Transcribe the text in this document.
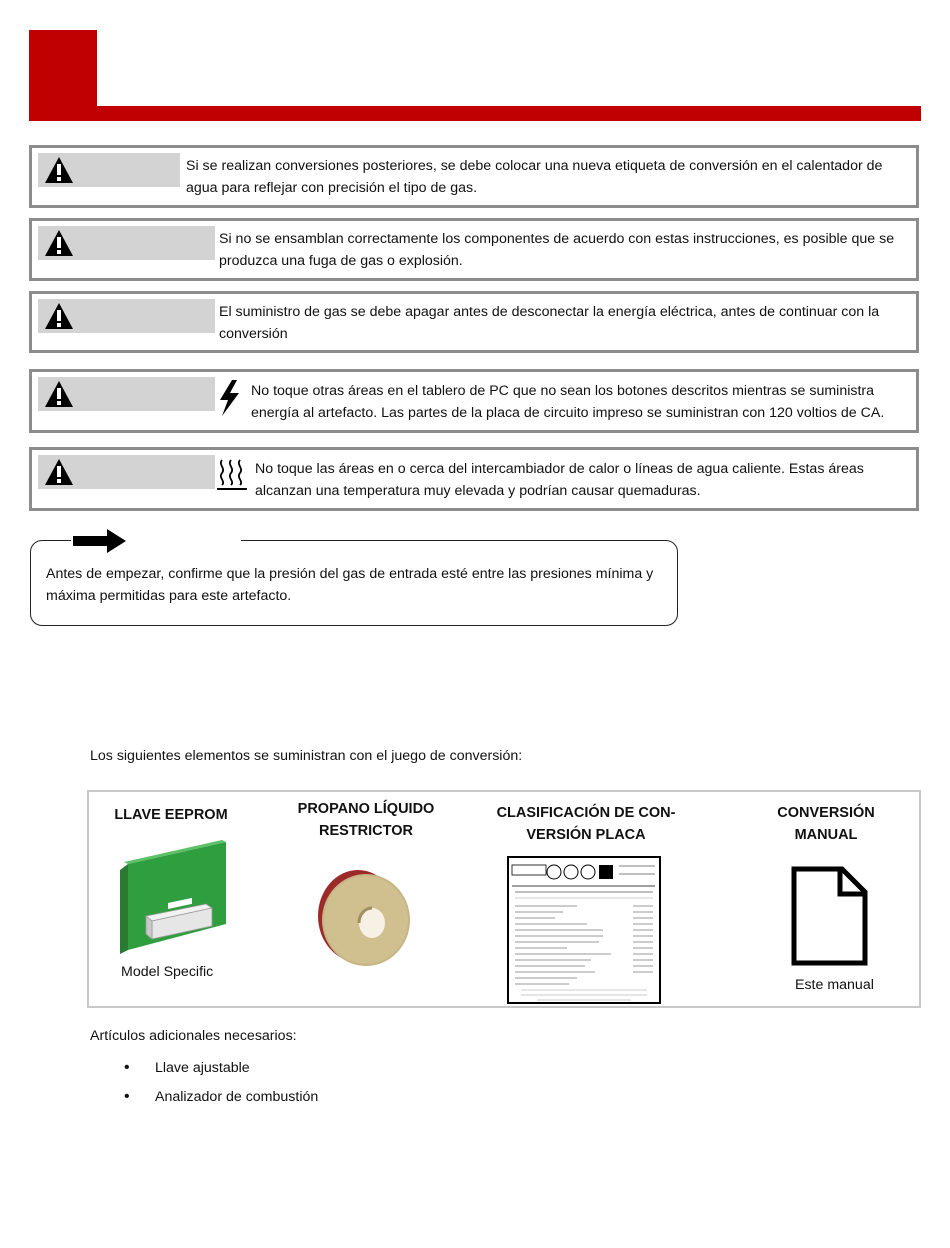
Si se realizan conversiones posteriores, se debe colocar una nueva etiqueta de conversión en el calentador de agua para reflejar con precisión el tipo de gas.
Si no se ensamblan correctamente los componentes de acuerdo con estas instrucciones, es posible que se produzca una fuga de gas o explosión.
El suministro de gas se debe apagar antes de desconectar la energía eléctrica, antes de continuar con la conversión
No toque otras áreas en el tablero de PC que no sean los botones descritos mientras se suministra energía al artefacto. Las partes de la placa de circuito impreso se suministran con 120 voltios de CA.
No toque las áreas en o cerca del intercambiador de calor o líneas de agua caliente. Estas áreas alcanzan una temperatura muy elevada y podrían causar quemaduras.
Antes de empezar, confirme que la presión del gas de entrada esté entre las presiones mínima y máxima permitidas para este artefacto.
Los siguientes elementos se suministran con el juego de conversión:
LLAVE EEPROM
Model Specific
PROPANO LÍQUIDO
RESTRICTOR
CLASIFICACIÓN DE CON-
VERSIÓN PLACA
CONVERSIÓN
MANUAL
Este manual
Artículos adicionales necesarios:
• Llave ajustable
• Analizador de combustión
